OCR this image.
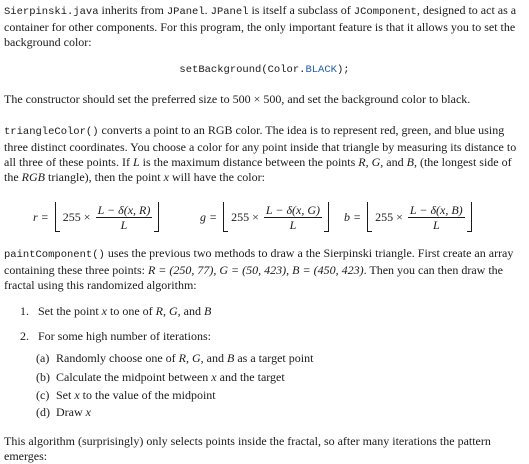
Sierpinski.java inherits from JPanel. JPanel is itself a subclass of JComponent, designed to act as a container for other components. For this program, the only important feature is that it allows you to set the background color:

setBackground(Color.BLACK);

The constructor should set the preferred size to 500 × 500, and set the background color to black.

triangleColor() converts a point to an RGB color. The idea is to represent red, green, and blue using three distinct coordinates. You choose a color for any point inside that triangle by measuring its distance to all three of these points. If L is the maximum distance between the points R, G, and B, (the longest side of the RGB triangle), then the point x will have the color:

$r = 255 \times \frac{L - \delta(x, R)}{L}$	$g = 255 \times \frac{L - \delta(x, G)}{L}$ $b = 255 \times \frac{L - \delta(x, B)}{L}$

paintComponent() uses the previous two methods to draw a the Sierpinski triangle. First create an array containing these three points: R = (250, 77), G = (50, 423), B = (450, 423). Then you can then draw the fractal using this randomized algorithm:

1. Set the point x to one of R, G, and B
2. For some high number of iterations:
(a) Randomly choose one of R, G, and B as a target point
(b) Calculate the midpoint between x and the target
(c) Set x to the value of the midpoint
(d) Draw x

This algorithm (surprisingly) only selects points inside the fractal, so after many iterations the pattern emerges:
